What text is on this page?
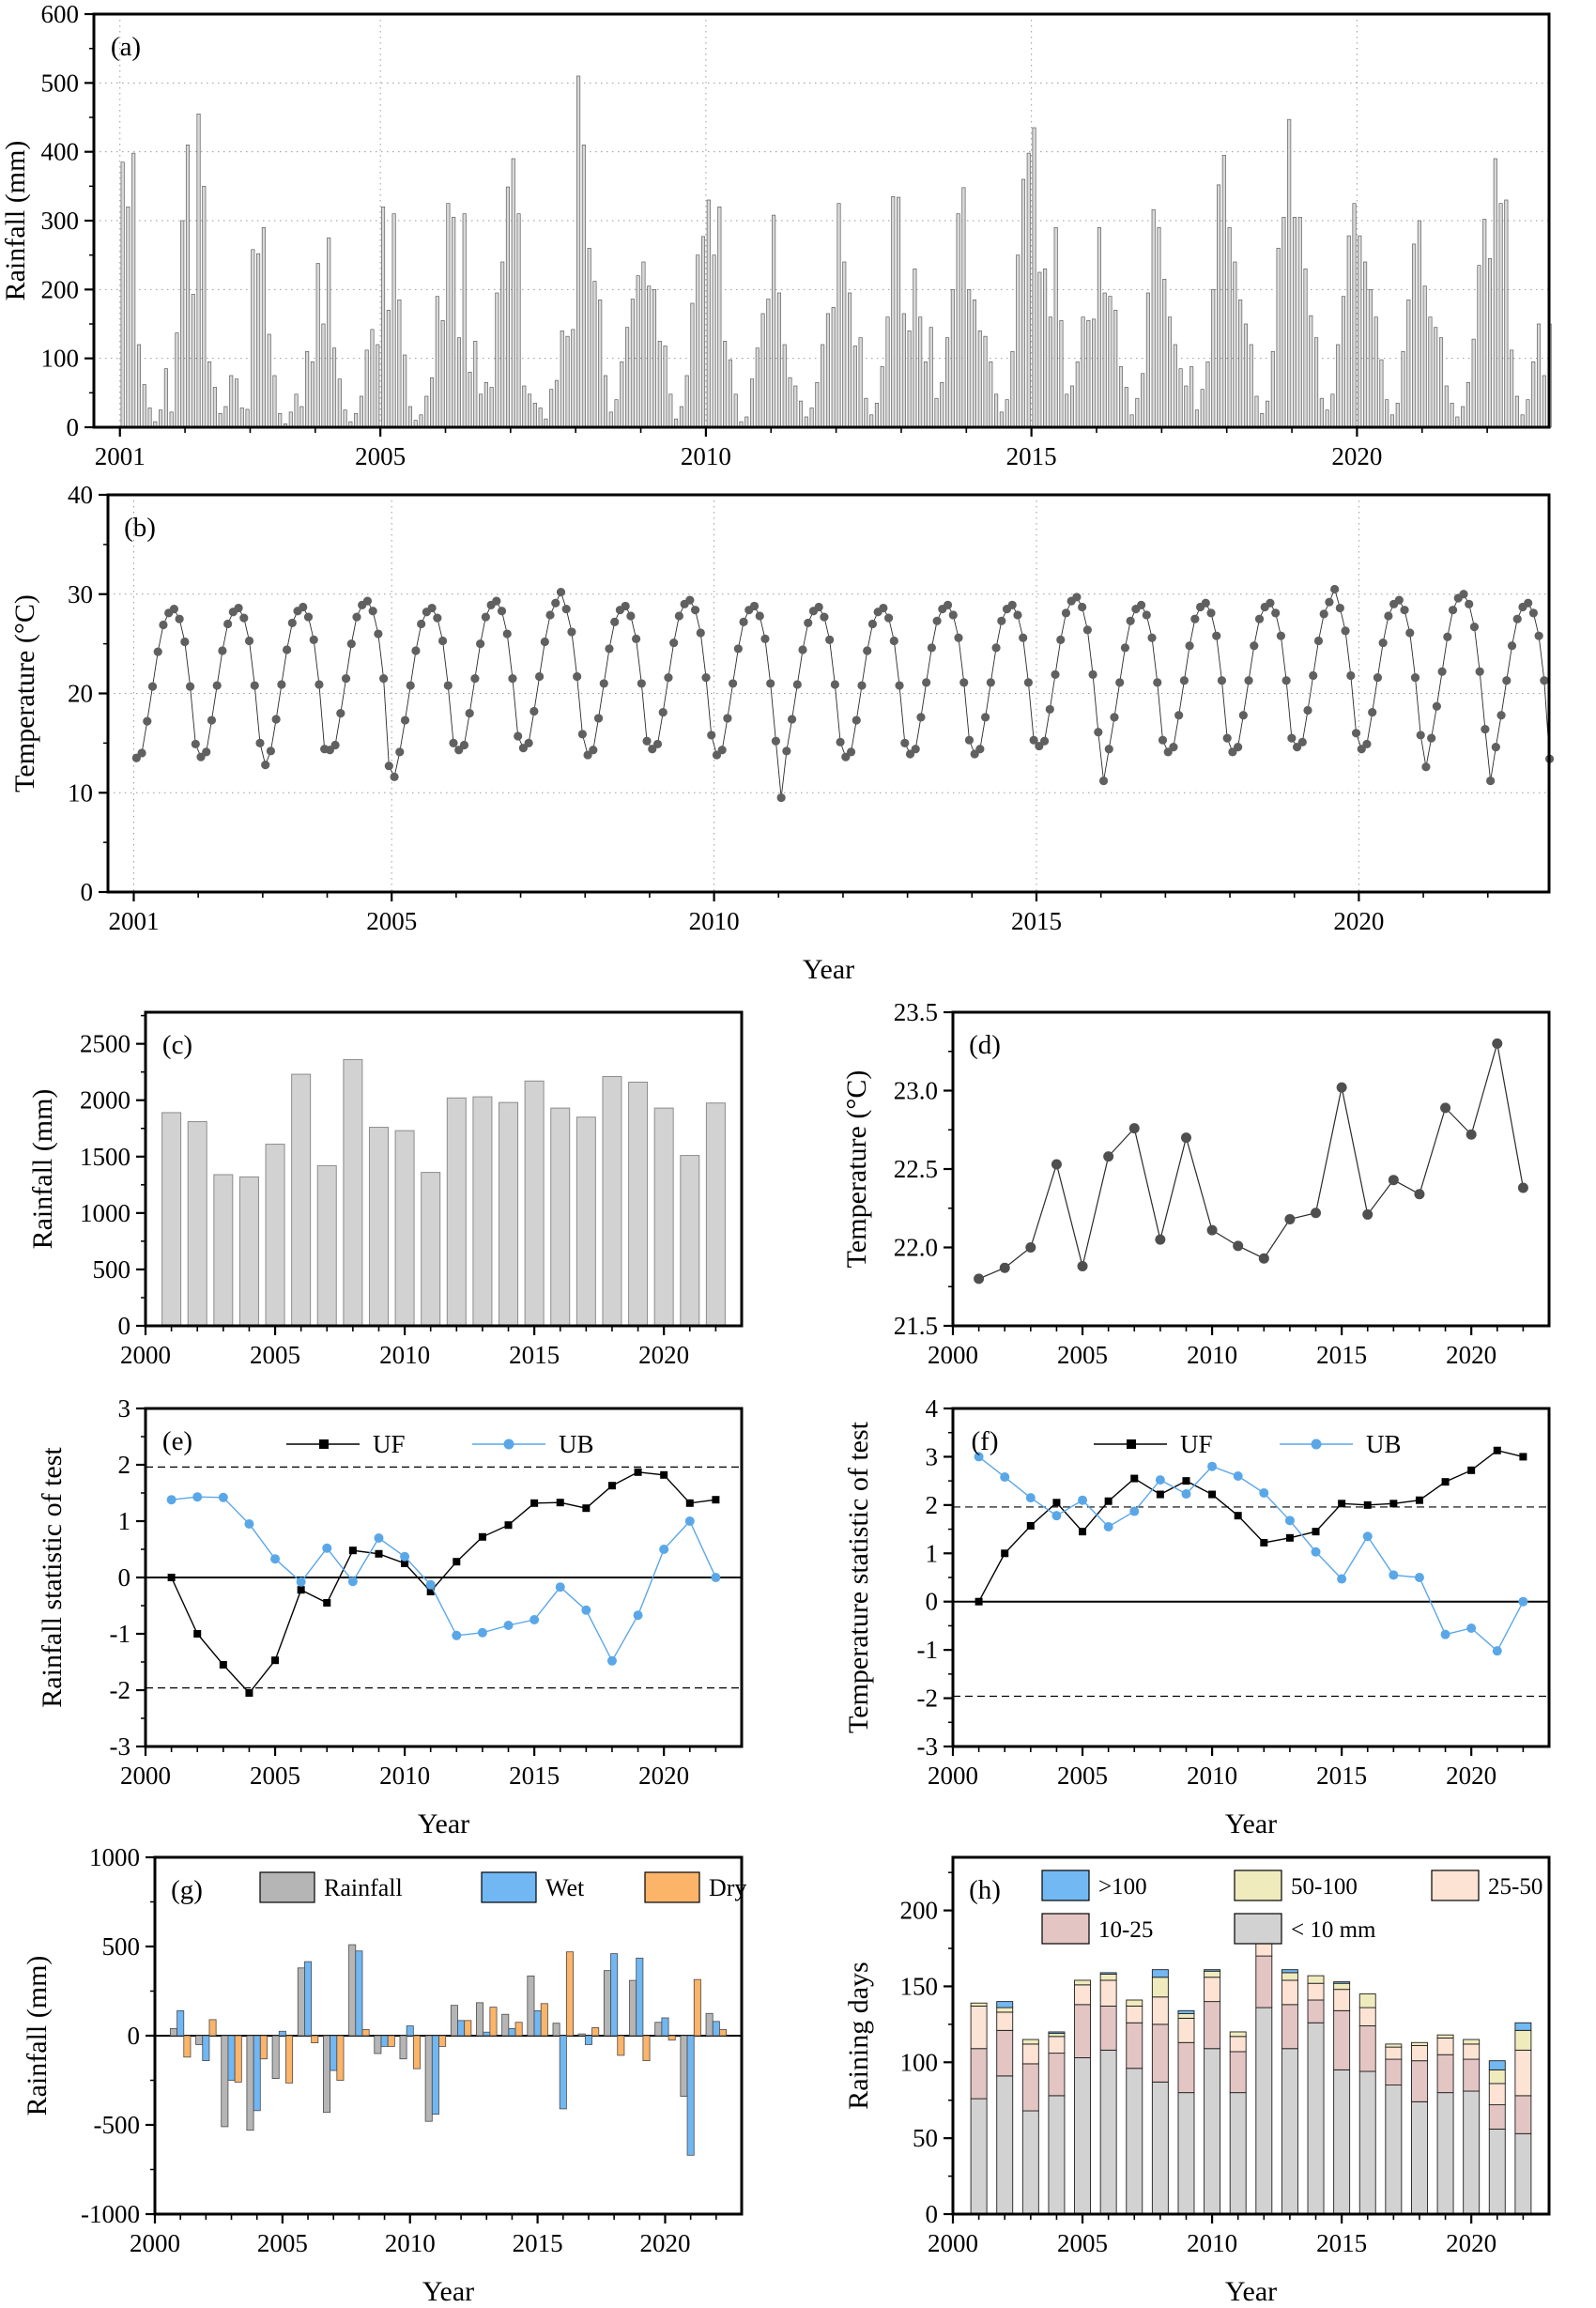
0
100
200
300
400
500
600
2001	2005	2010	2015	2020
(a)
Rainfall (mm)
0
10
20
30
40
2001	2005	2010	2015	2020
(b)
Temperature (°C)
Year
0
500
1000
1500
2000
2500
2000	2005	2010	2015	2020
(c)
Rainfall (mm)
21.5
22.0
22.5
23.0
23.5
2000	2005	2010	2015	2020
(d)
Temperature (°C)
UF	UB
-3
-2
-1
0
1
2
3
2000	2005	2010	2015	2020
(e)
Rainfall statistic of test
Year
UF	UB
-3
-2
-1
0
1
2
3
4
2000	2005	2010	2015	2020
(f)
Temperature statistic of test
Year
Rainfall	Wet	Dry
-1000
-500
0
500
1000
2000	2005	2010	2015	2020
(g)
Rainfall (mm)
Year
>100	50-100	25-50
10-25	< 10 mm
0
50
100
150
200
2000	2005	2010	2015	2020
(h)
Raining days
Year
